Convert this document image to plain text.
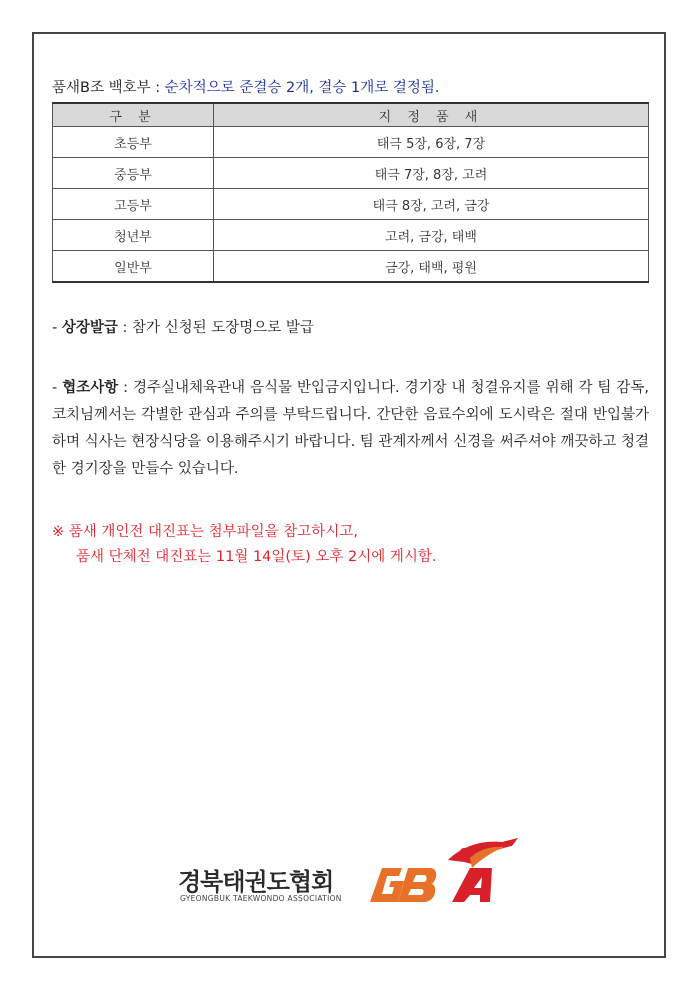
품새B조 백호부 : 순차적으로 준결승 2개, 결승 1개로 결정됨.
구 분	지 정 품 새
초등부	태극 5장, 6장, 7장
중등부	태극 7장, 8장, 고려
고등부	태극 8장, 고려, 금강
청년부	고려, 금강, 태백
일반부	금강, 태백, 평원
- 상장발급 : 참가 신청된 도장명으로 발급
- 협조사항 : 경주실내체육관내 음식물 반입금지입니다. 경기장 내 청결유지를 위해 각 팀 감독, 코치님께서는 각별한 관심과 주의를 부탁드립니다. 간단한 음료수외에 도시락은 절대 반입불가하며 식사는 현장식당을 이용해주시기 바랍니다. 팀 관계자께서 신경을 써주셔야 깨끗하고 청결한 경기장을 만들수 있습니다.
※ 품새 개인전 대진표는 첨부파일을 참고하시고,
품새 단체전 대진표는 11월 14일(토) 오후 2시에 게시함.
경북태권도협회
GYEONGBUK TAEKWONDO ASSOCIATION
